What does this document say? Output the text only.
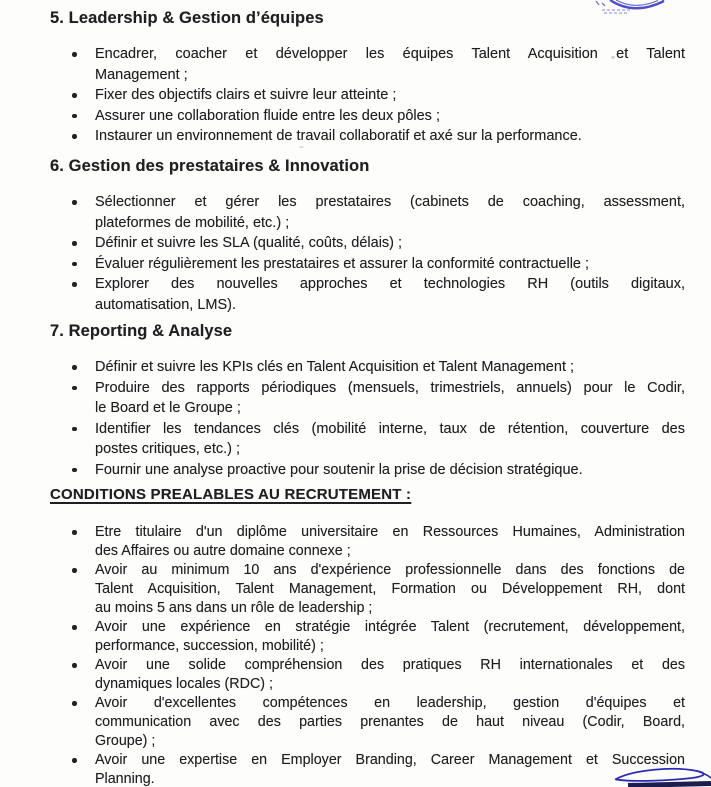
5. Leadership & Gestion d’équipes
Encadrer, coacher et développer les équipes Talent Acquisition et Talent
Management ;
Fixer des objectifs clairs et suivre leur atteinte ;
Assurer une collaboration fluide entre les deux pôles ;
Instaurer un environnement de travail collaboratif et axé sur la performance.
6. Gestion des prestataires & Innovation
Sélectionner et gérer les prestataires (cabinets de coaching, assessment,
plateformes de mobilité, etc.) ;
Définir et suivre les SLA (qualité, coûts, délais) ;
Évaluer régulièrement les prestataires et assurer la conformité contractuelle ;
Explorer des nouvelles approches et technologies RH (outils digitaux,
automatisation, LMS).
7. Reporting & Analyse
Définir et suivre les KPIs clés en Talent Acquisition et Talent Management ;
Produire des rapports périodiques (mensuels, trimestriels, annuels) pour le Codir,
le Board et le Groupe ;
Identifier les tendances clés (mobilité interne, taux de rétention, couverture des
postes critiques, etc.) ;
Fournir une analyse proactive pour soutenir la prise de décision stratégique.
CONDITIONS PREALABLES AU RECRUTEMENT :
Etre titulaire d'un diplôme universitaire en Ressources Humaines, Administration
des Affaires ou autre domaine connexe ;
Avoir au minimum 10 ans d'expérience professionnelle dans des fonctions de
Talent Acquisition, Talent Management, Formation ou Développement RH, dont
au moins 5 ans dans un rôle de leadership ;
Avoir une expérience en stratégie intégrée Talent (recrutement, développement,
performance, succession, mobilité) ;
Avoir une solide compréhension des pratiques RH internationales et des
dynamiques locales (RDC) ;
Avoir d'excellentes compétences en leadership, gestion d'équipes et
communication avec des parties prenantes de haut niveau (Codir, Board,
Groupe) ;
Avoir une expertise en Employer Branding, Career Management et Succession
Planning.
